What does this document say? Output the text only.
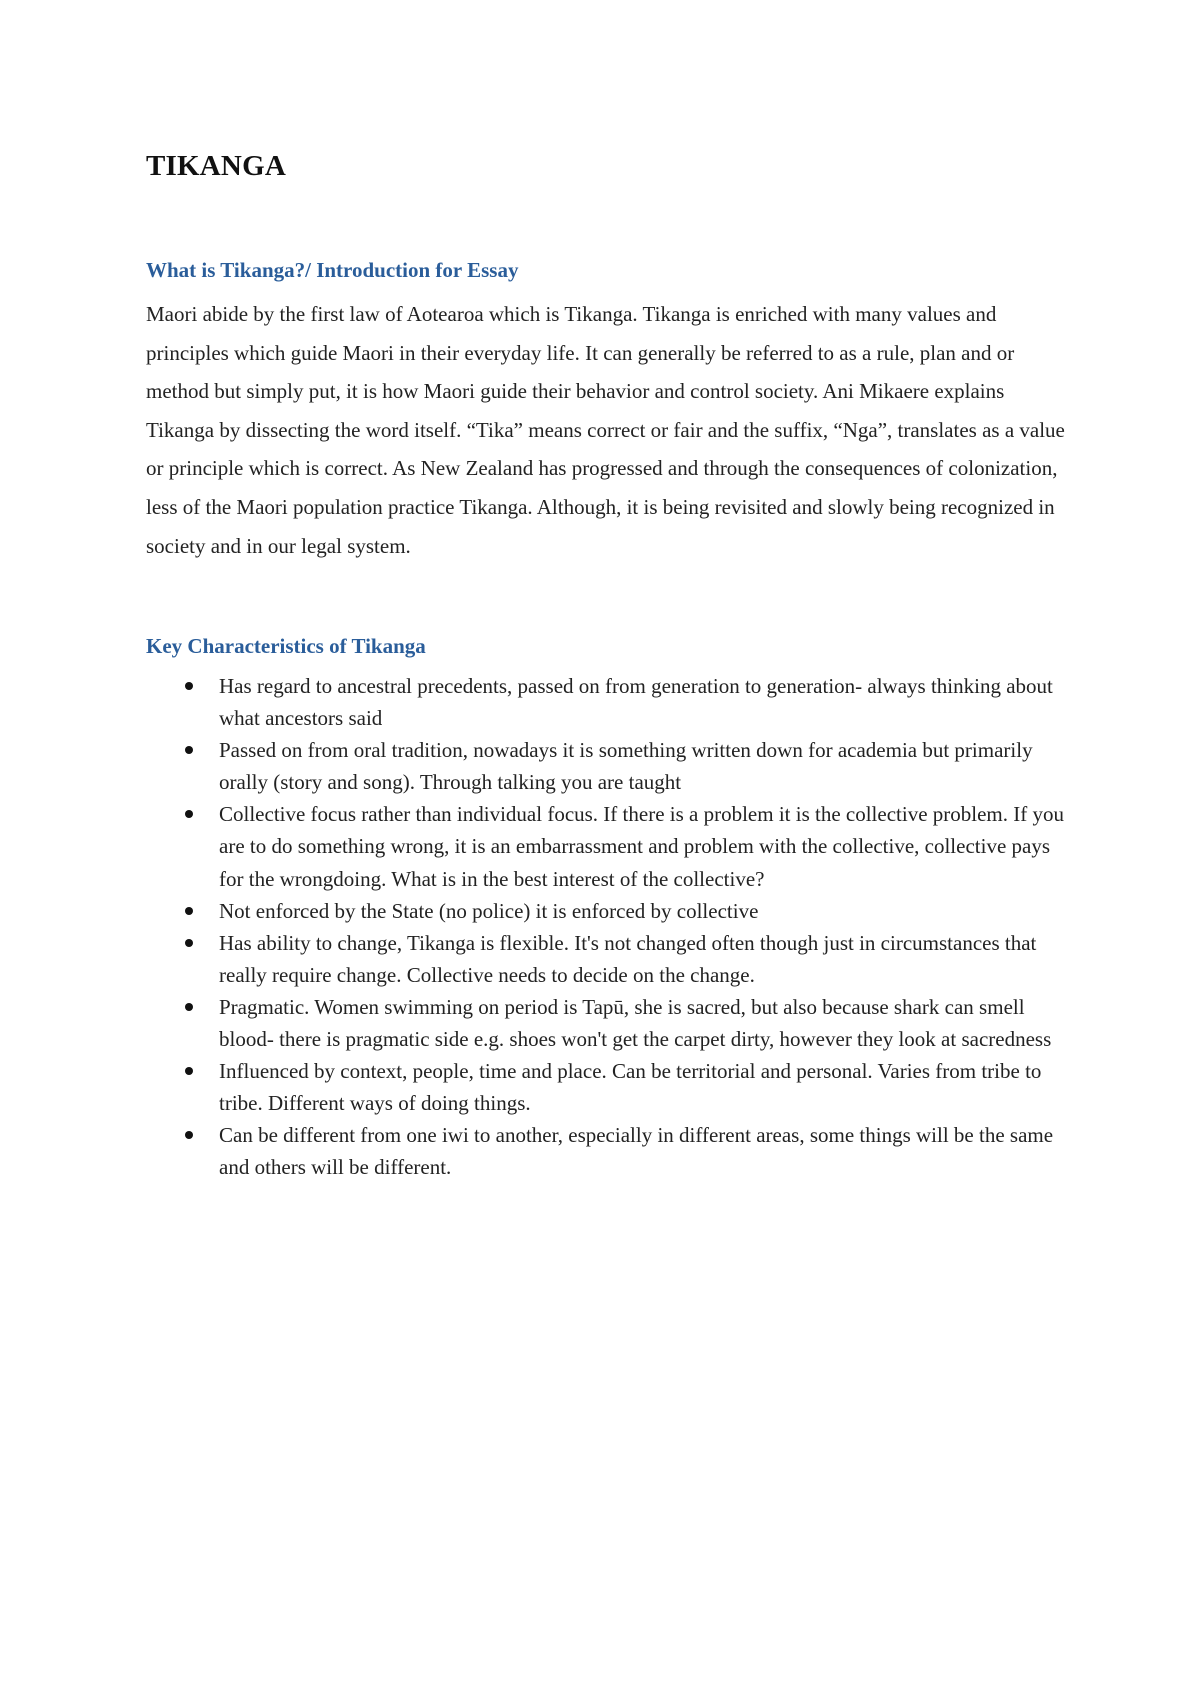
TIKANGA
What is Tikanga?/ Introduction for Essay

Maori abide by the first law of Aotearoa which is Tikanga. Tikanga is enriched with many values and principles which guide Maori in their everyday life. It can generally be referred to as a rule, plan and or method but simply put, it is how Maori guide their behavior and control society. Ani Mikaere explains Tikanga by dissecting the word itself. “Tika” means correct or fair and the suffix, “Nga”, translates as a value or principle which is correct. As New Zealand has progressed and through the consequences of colonization, less of the Maori population practice Tikanga. Although, it is being revisited and slowly being recognized in society and in our legal system.

Key Characteristics of Tikanga
Has regard to ancestral precedents, passed on from generation to generation- always thinking about what ancestors said
Passed on from oral tradition, nowadays it is something written down for academia but primarily orally (story and song). Through talking you are taught
Collective focus rather than individual focus. If there is a problem it is the collective problem. If you are to do something wrong, it is an embarrassment and problem with the collective, collective pays for the wrongdoing. What is in the best interest of the collective?
Not enforced by the State (no police) it is enforced by collective
Has ability to change, Tikanga is flexible. It's not changed often though just in circumstances that really require change. Collective needs to decide on the change.
Pragmatic. Women swimming on period is Tapū, she is sacred, but also because shark can smell blood- there is pragmatic side e.g. shoes won't get the carpet dirty, however they look at sacredness
Influenced by context, people, time and place. Can be territorial and personal. Varies from tribe to tribe. Different ways of doing things.
Can be different from one iwi to another, especially in different areas, some things will be the same and others will be different.
